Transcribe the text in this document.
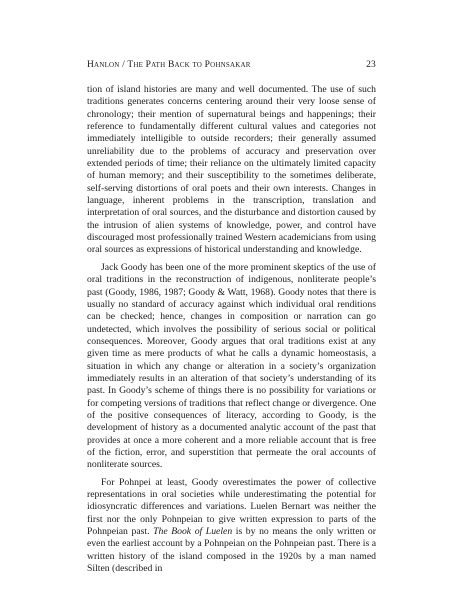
Hanlon / The Path Back to Pohnsakar	23

tion of island histories are many and well documented. The use of such traditions generates concerns centering around their very loose sense of chronology; their mention of supernatural beings and happenings; their reference to fundamentally different cultural values and categories not immediately intelligible to outside recorders; their generally assumed unreliability due to the problems of accuracy and preservation over extended periods of time; their reliance on the ultimately limited capacity of human memory; and their susceptibility to the sometimes deliberate, self-serving distortions of oral poets and their own interests. Changes in language, inherent problems in the transcription, translation and interpretation of oral sources, and the disturbance and distortion caused by the intrusion of alien systems of knowledge, power, and control have discouraged most professionally trained Western academicians from using oral sources as expressions of historical understanding and knowledge.

Jack Goody has been one of the more prominent skeptics of the use of oral traditions in the reconstruction of indigenous, nonliterate people’s past (Goody, 1986, 1987; Goody & Watt, 1968). Goody notes that there is usually no standard of accuracy against which individual oral renditions can be checked; hence, changes in composition or narration can go undetected, which involves the possibility of serious social or political consequences. Moreover, Goody argues that oral traditions exist at any given time as mere products of what he calls a dynamic homeostasis, a situation in which any change or alteration in a society’s organization immediately results in an alteration of that society’s understanding of its past. In Goody’s scheme of things there is no possibility for variations or for competing versions of traditions that reflect change or divergence. One of the positive consequences of literacy, according to Goody, is the development of history as a documented analytic account of the past that provides at once a more coherent and a more reliable account that is free of the fiction, error, and superstition that permeate the oral accounts of nonliterate sources.

For Pohnpei at least, Goody overestimates the power of collective representations in oral societies while underestimating the potential for idiosyncratic differences and variations. Luelen Bernart was neither the first nor the only Pohnpeian to give written expression to parts of the Pohnpeian past. The Book of Luelen is by no means the only written or even the earliest account by a Pohnpeian on the Pohnpeian past. There is a written history of the island composed in the 1920s by a man named Silten (described in
